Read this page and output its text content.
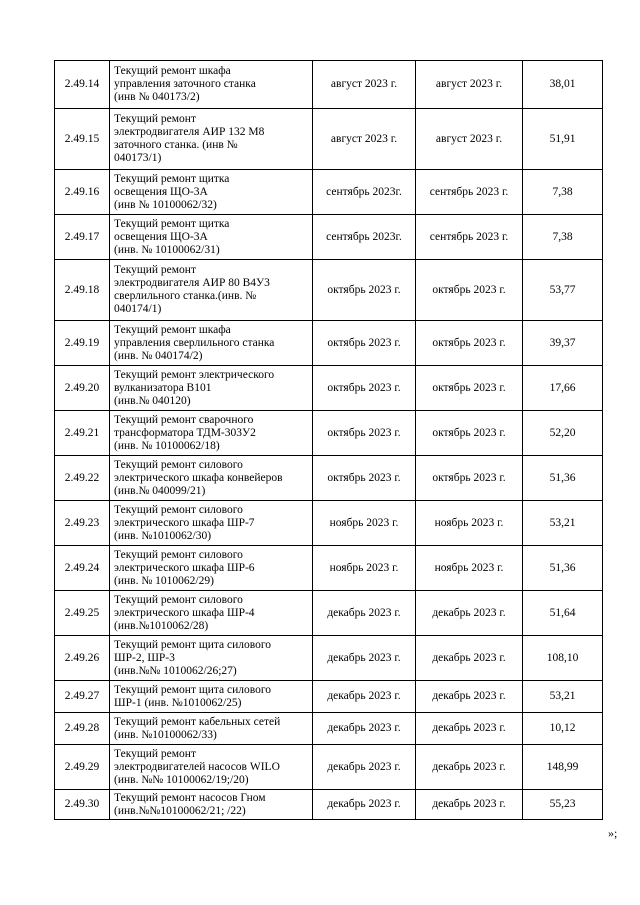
2.49.14	Текущий ремонт шкафа
управления заточного станка
(инв № 040173/2)	август 2023 г.	август 2023 г.	38,01
2.49.15	Текущий ремонт
электродвигателя АИР 132 М8
заточного станка. (инв №
040173/1)	август 2023 г.	август 2023 г.	51,91
2.49.16	Текущий ремонт щитка
освещения ЩО-3А
(инв № 10100062/32)	сентябрь 2023г.	сентябрь 2023 г.	7,38
2.49.17	Текущий ремонт щитка
освещения ЩО-3А
(инв. № 10100062/31)	сентябрь 2023г.	сентябрь 2023 г.	7,38
2.49.18	Текущий ремонт
электродвигателя АИР 80 В4У3
сверлильного станка.(инв. №
040174/1)	октябрь 2023 г.	октябрь 2023 г.	53,77
2.49.19	Текущий ремонт шкафа
управления сверлильного станка
(инв. № 040174/2)	октябрь 2023 г.	октябрь 2023 г.	39,37
2.49.20	Текущий ремонт электрического
вулканизатора В101
(инв.№ 040120)	октябрь 2023 г.	октябрь 2023 г.	17,66
2.49.21	Текущий ремонт сварочного
трансформатора ТДМ-303У2
(инв. № 10100062/18)	октябрь 2023 г.	октябрь 2023 г.	52,20
2.49.22	Текущий ремонт силового
электрического шкафа конвейеров
(инв.№ 040099/21)	октябрь 2023 г.	октябрь 2023 г.	51,36
2.49.23	Текущий ремонт силового
электрического шкафа ШР-7
(инв. №1010062/30)	ноябрь 2023 г.	ноябрь 2023 г.	53,21
2.49.24	Текущий ремонт силового
электрического шкафа ШР-6
(инв. № 1010062/29)	ноябрь 2023 г.	ноябрь 2023 г.	51,36
2.49.25	Текущий ремонт силового
электрического шкафа ШР-4
(инв.№1010062/28)	декабрь 2023 г.	декабрь 2023 г.	51,64
2.49.26	Текущий ремонт щита силового
ШР-2, ШР-3
(инв.№№ 1010062/26;27)	декабрь 2023 г.	декабрь 2023 г.	108,10
2.49.27	Текущий ремонт щита силового
ШР-1 (инв. №1010062/25)	декабрь 2023 г.	декабрь 2023 г.	53,21
2.49.28	Текущий ремонт кабельных сетей
(инв. №10100062/33)	декабрь 2023 г.	декабрь 2023 г.	10,12
2.49.29	Текущий ремонт
электродвигателей насосов WILO
(инв. №№ 10100062/19;/20)	декабрь 2023 г.	декабрь 2023 г.	148,99
2.49.30	Текущий ремонт насосов Гном
(инв.№№10100062/21; /22)	декабрь 2023 г.	декабрь 2023 г.	55,23
»;
